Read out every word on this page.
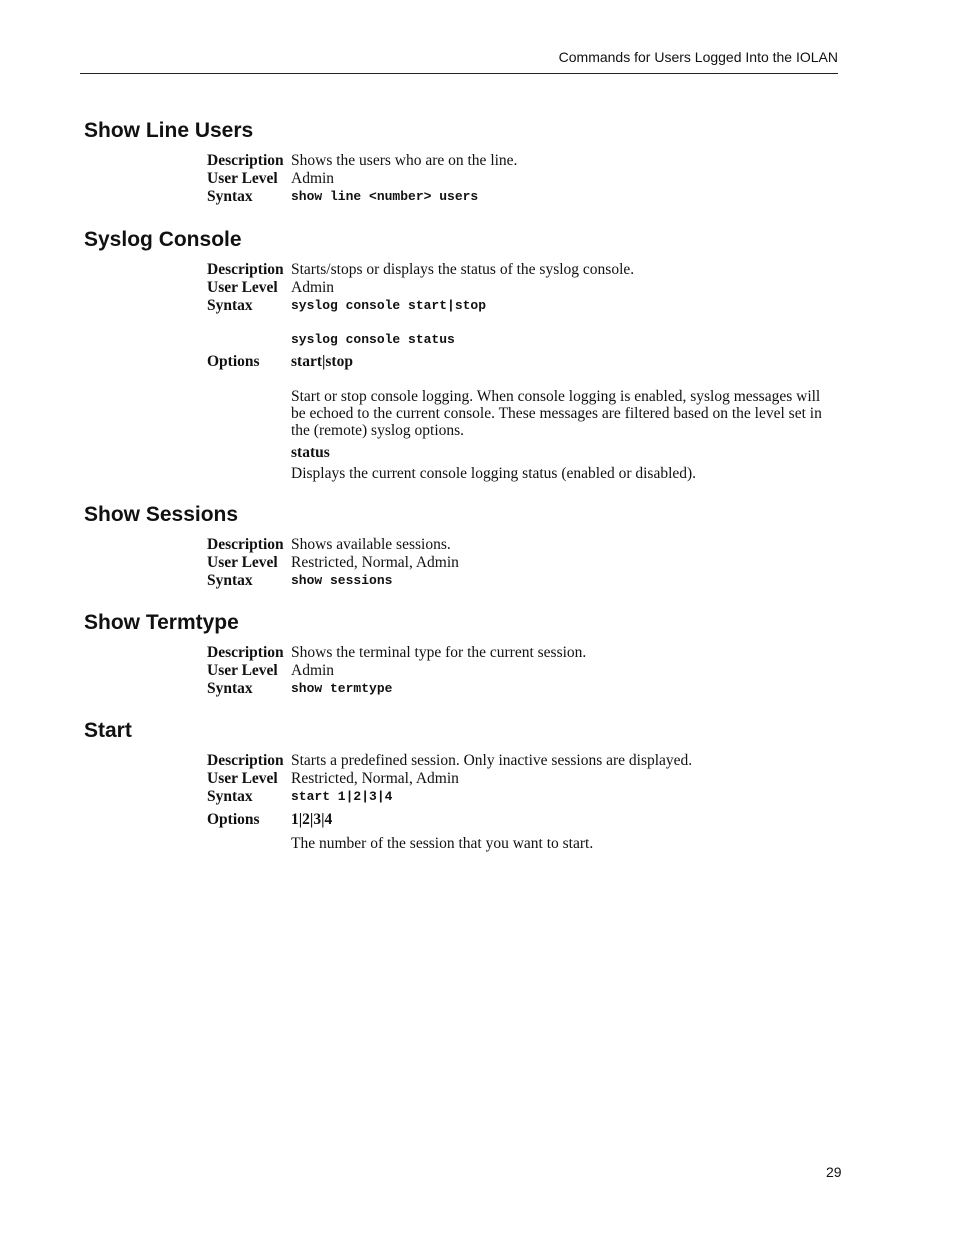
Commands for Users Logged Into the IOLAN
Show Line Users
Description Shows the users who are on the line.
User Level Admin
Syntax	show line <number> users
Syslog Console
Description Starts/stops or displays the status of the syslog console.
User Level Admin
Syntax	syslog console start|stop
syslog console status
Options start|stop
Start or stop console logging. When console logging is enabled, syslog messages will be echoed to the current console. These messages are filtered based on the level set in the (remote) syslog options.
status
Displays the current console logging status (enabled or disabled).
Show Sessions
Description Shows available sessions.
User Level Restricted, Normal, Admin
Syntax	show sessions
Show Termtype
Description Shows the terminal type for the current session.
User Level Admin
Syntax	show termtype
Start
Description Starts a predefined session. Only inactive sessions are displayed.
User Level Restricted, Normal, Admin
Syntax	start 1|2|3|4
Options 1|2|3|4
The number of the session that you want to start.
29
